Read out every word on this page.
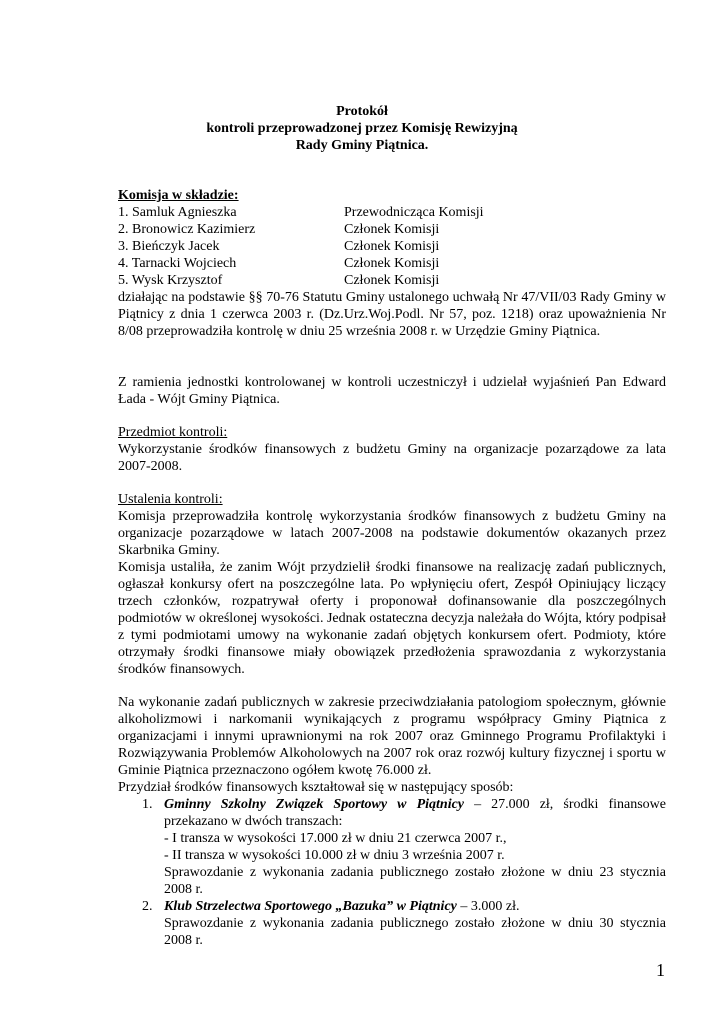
Protokół
kontroli przeprowadzonej przez Komisję Rewizyjną
Rady Gminy Piątnica.
Komisja w składzie:
1. Samluk Agnieszka	Przewodnicząca Komisji
2. Bronowicz Kazimierz	Członek Komisji
3. Bieńczyk Jacek	Członek Komisji
4. Tarnacki Wojciech	Członek Komisji
5. Wysk Krzysztof	Członek Komisji

działając na podstawie §§ 70-76 Statutu Gminy ustalonego uchwałą Nr 47/VII/03 Rady Gminy w Piątnicy z dnia 1 czerwca 2003 r. (Dz.Urz.Woj.Podl. Nr 57, poz. 1218) oraz upoważnienia Nr 8/08 przeprowadziła kontrolę w dniu 25 września 2008 r. w Urzędzie Gminy Piątnica.

Z ramienia jednostki kontrolowanej w kontroli uczestniczył i udzielał wyjaśnień Pan Edward Łada - Wójt Gminy Piątnica.

Przedmiot kontroli:

Wykorzystanie środków finansowych z budżetu Gminy na organizacje pozarządowe za lata 2007-2008.

Ustalenia kontroli:

Komisja przeprowadziła kontrolę wykorzystania środków finansowych z budżetu Gminy na organizacje pozarządowe w latach 2007-2008 na podstawie dokumentów okazanych przez Skarbnika Gminy.

Komisja ustaliła, że zanim Wójt przydzielił środki finansowe na realizację zadań publicznych, ogłaszał konkursy ofert na poszczególne lata. Po wpłynięciu ofert, Zespół Opiniujący liczący trzech członków, rozpatrywał oferty i proponował dofinansowanie dla poszczególnych podmiotów w określonej wysokości. Jednak ostateczna decyzja należała do Wójta, który podpisał z tymi podmiotami umowy na wykonanie zadań objętych konkursem ofert. Podmioty, które otrzymały środki finansowe miały obowiązek przedłożenia sprawozdania z wykorzystania środków finansowych.

Na wykonanie zadań publicznych w zakresie przeciwdziałania patologiom społecznym, głównie alkoholizmowi i narkomanii wynikających z programu współpracy Gminy Piątnica z organizacjami i innymi uprawnionymi na rok 2007 oraz Gminnego Programu Profilaktyki i Rozwiązywania Problemów Alkoholowych na 2007 rok oraz rozwój kultury fizycznej i sportu w Gminie Piątnica przeznaczono ogółem kwotę 76.000 zł.

Przydział środków finansowych kształtował się w następujący sposób:

1. Gminny Szkolny Związek Sportowy w Piątnicy – 27.000 zł, środki finansowe przekazano w dwóch transzach:

- I transza w wysokości 17.000 zł w dniu 21 czerwca 2007 r.,

- II transza w wysokości 10.000 zł w dniu 3 września 2007 r.

Sprawozdanie z wykonania zadania publicznego zostało złożone w dniu 23 stycznia 2008 r.

2. Klub Strzelectwa Sportowego „Bazuka” w Piątnicy – 3.000 zł.

Sprawozdanie z wykonania zadania publicznego zostało złożone w dniu 30 stycznia 2008 r.

1
